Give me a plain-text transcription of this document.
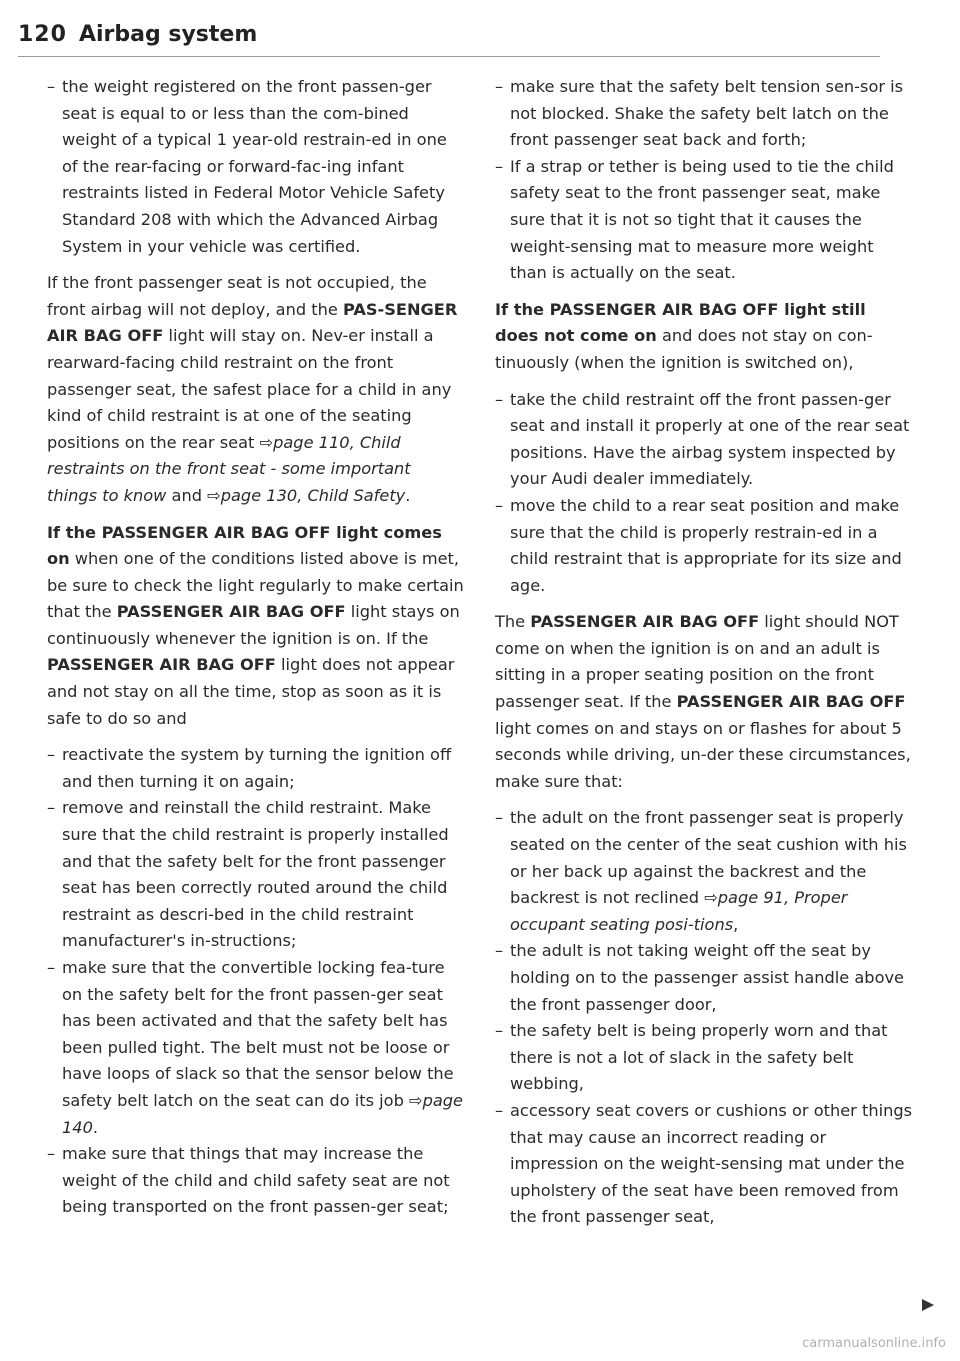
120 Airbag system
– the weight registered on the front passen-ger seat is equal to or less than the com-bined weight of a typical 1 year-old restrain-ed in one of the rear-facing or forward-fac-ing infant restraints listed in Federal Motor Vehicle Safety Standard 208 with which the Advanced Airbag System in your vehicle was certified.

If the front passenger seat is not occupied, the front airbag will not deploy, and the PAS-SENGER AIR BAG OFF light will stay on. Nev-er install a rearward-facing child restraint on the front passenger seat, the safest place for a child in any kind of child restraint is at one of the seating positions on the rear seat ⇨page 110, Child restraints on the front seat - some important things to know and ⇨page 130, Child Safety.

If the PASSENGER AIR BAG OFF light comes on when one of the conditions listed above is met, be sure to check the light regularly to make certain that the PASSENGER AIR BAG OFF light stays on continuously whenever the ignition is on. If the PASSENGER AIR BAG OFF light does not appear and not stay on all the time, stop as soon as it is safe to do so and

– reactivate the system by turning the ignition off and then turning it on again;
– remove and reinstall the child restraint. Make sure that the child restraint is properly installed and that the safety belt for the front passenger seat has been correctly routed around the child restraint as descri-bed in the child restraint manufacturer's in-structions;
– make sure that the convertible locking fea-ture on the safety belt for the front passen-ger seat has been activated and that the safety belt has been pulled tight. The belt must not be loose or have loops of slack so that the sensor below the safety belt latch on the seat can do its job ⇨page 140.
– make sure that things that may increase the weight of the child and child safety seat are not being transported on the front passen-ger seat;
– make sure that the safety belt tension sen-sor is not blocked. Shake the safety belt latch on the front passenger seat back and forth;
– If a strap or tether is being used to tie the child safety seat to the front passenger seat, make sure that it is not so tight that it causes the weight-sensing mat to measure more weight than is actually on the seat.

If the PASSENGER AIR BAG OFF light still does not come on and does not stay on con-tinuously (when the ignition is switched on),

– take the child restraint off the front passen-ger seat and install it properly at one of the rear seat positions. Have the airbag system inspected by your Audi dealer immediately.
– move the child to a rear seat position and make sure that the child is properly restrain-ed in a child restraint that is appropriate for its size and age.

The PASSENGER AIR BAG OFF light should NOT come on when the ignition is on and an adult is sitting in a proper seating position on the front passenger seat. If the PASSENGER AIR BAG OFF light comes on and stays on or flashes for about 5 seconds while driving, un-der these circumstances, make sure that:

– the adult on the front passenger seat is properly seated on the center of the seat cushion with his or her back up against the backrest and the backrest is not reclined ⇨page 91, Proper occupant seating posi-tions,
– the adult is not taking weight off the seat by holding on to the passenger assist handle above the front passenger door,
– the safety belt is being properly worn and that there is not a lot of slack in the safety belt webbing,
– accessory seat covers or cushions or other things that may cause an incorrect reading or impression on the weight-sensing mat under the upholstery of the seat have been removed from the front passenger seat,
carmanualsonline.info
